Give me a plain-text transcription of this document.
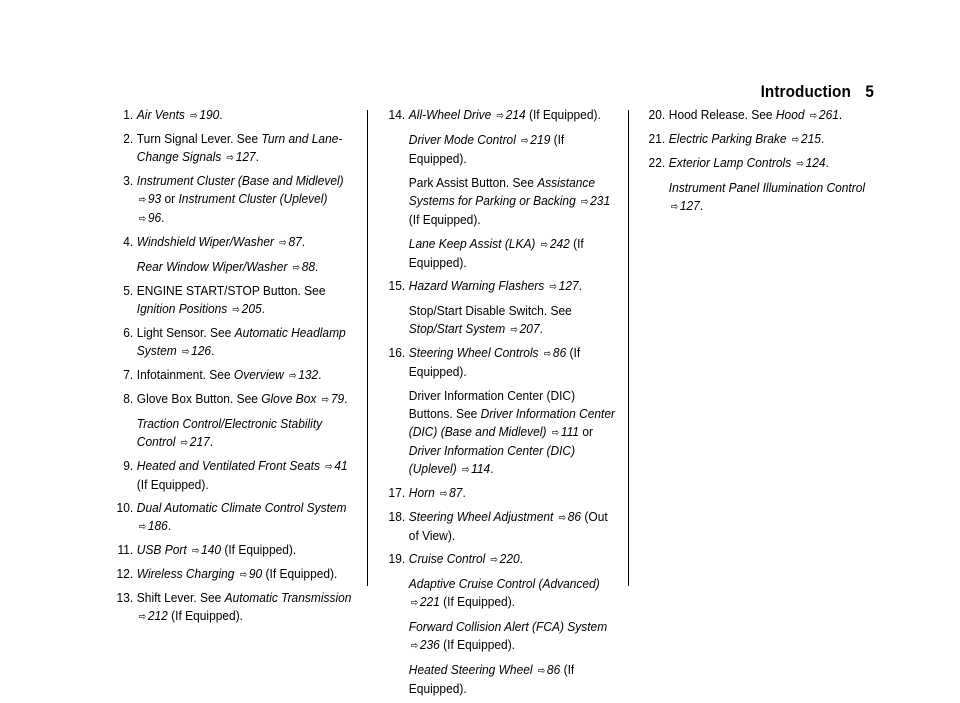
Introduction 5
1. Air Vents ⇨ 190.

2. Turn Signal Lever. See Turn and Lane-Change Signals ⇨ 127.

3. Instrument Cluster (Base and Midlevel) ⇨ 93 or Instrument Cluster (Uplevel) ⇨ 96.

4. Windshield Wiper/Washer ⇨ 87.

Rear Window Wiper/Washer ⇨ 88.

5. ENGINE START/STOP Button. See Ignition Positions ⇨ 205.

6. Light Sensor. See Automatic Headlamp System ⇨ 126.

7. Infotainment. See Overview ⇨ 132.

8. Glove Box Button. See Glove Box ⇨ 79.

Traction Control/Electronic Stability Control ⇨ 217.

9. Heated and Ventilated Front Seats ⇨ 41 (If Equipped).

10. Dual Automatic Climate Control System ⇨ 186.

11. USB Port ⇨ 140 (If Equipped).

12. Wireless Charging ⇨ 90 (If Equipped).

13. Shift Lever. See Automatic Transmission ⇨ 212 (If Equipped).

14. All-Wheel Drive ⇨ 214 (If Equipped).

Driver Mode Control ⇨ 219 (If Equipped).

Park Assist Button. See Assistance Systems for Parking or Backing ⇨ 231 (If Equipped).

Lane Keep Assist (LKA) ⇨ 242 (If Equipped).

15. Hazard Warning Flashers ⇨ 127.

Stop/Start Disable Switch. See Stop/Start System ⇨ 207.

16. Steering Wheel Controls ⇨ 86 (If Equipped).

Driver Information Center (DIC) Buttons. See Driver Information Center (DIC) (Base and Midlevel) ⇨ 111 or Driver Information Center (DIC) (Uplevel) ⇨ 114.

17. Horn ⇨ 87.

18. Steering Wheel Adjustment ⇨ 86 (Out of View).

19. Cruise Control ⇨ 220.

Adaptive Cruise Control (Advanced) ⇨ 221 (If Equipped).

Forward Collision Alert (FCA) System ⇨ 236 (If Equipped).

Heated Steering Wheel ⇨ 86 (If Equipped).

20. Hood Release. See Hood ⇨ 261.

21. Electric Parking Brake ⇨ 215.

22. Exterior Lamp Controls ⇨ 124.

Instrument Panel Illumination Control ⇨ 127.
